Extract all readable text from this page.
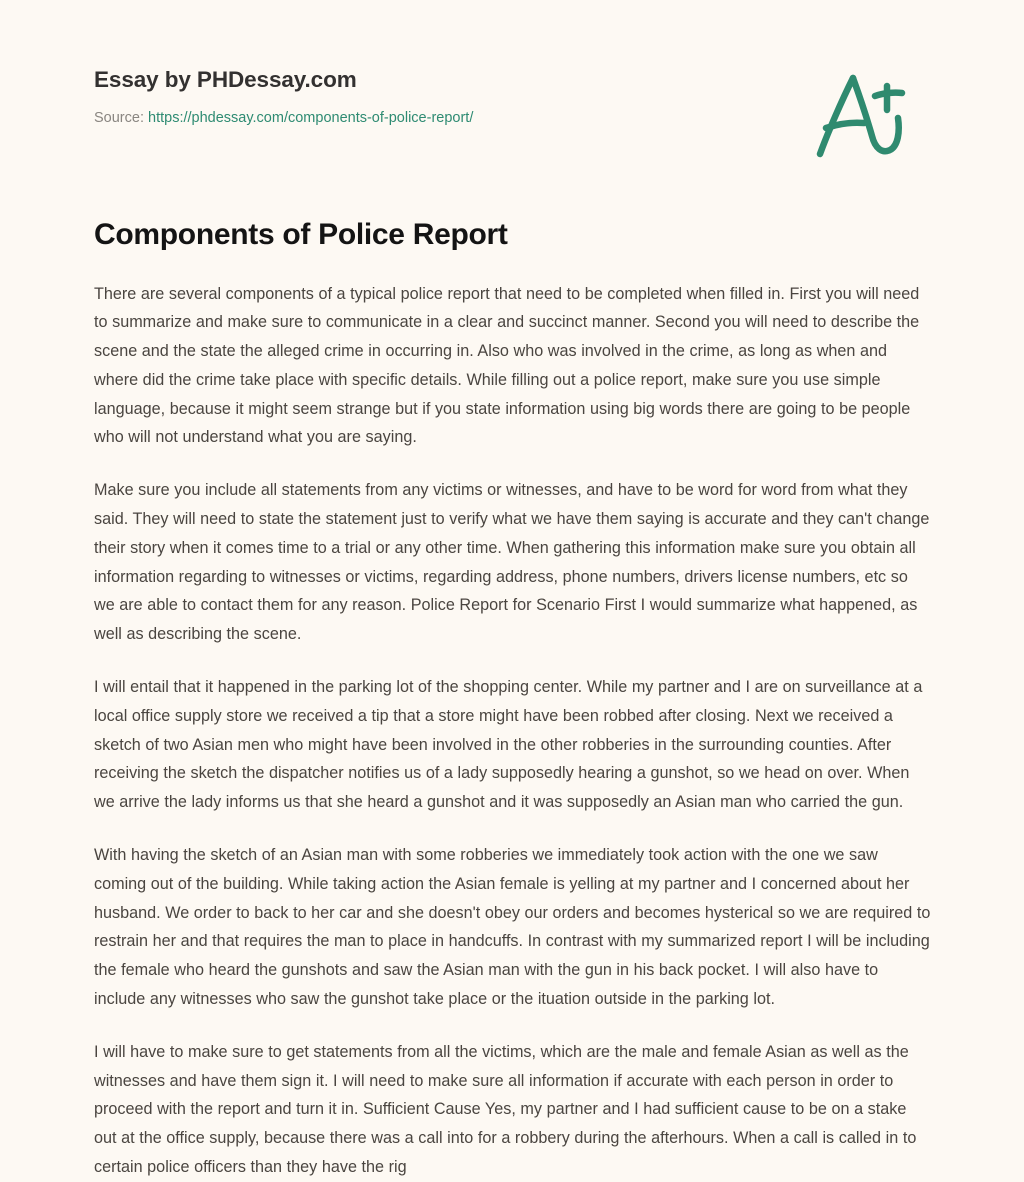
Essay by PHDessay.com
Source: https://phdessay.com/components-of-police-report/
Components of Police Report

There are several components of a typical police report that need to be completed when filled in. First you will need to summarize and make sure to communicate in a clear and succinct manner. Second you will need to describe the scene and the state the alleged crime in occurring in. Also who was involved in the crime, as long as when and where did the crime take place with specific details. While filling out a police report, make sure you use simple language, because it might seem strange but if you state information using big words there are going to be people who will not understand what you are saying.

Make sure you include all statements from any victims or witnesses, and have to be word for word from what they said. They will need to state the statement just to verify what we have them saying is accurate and they can't change their story when it comes time to a trial or any other time. When gathering this information make sure you obtain all information regarding to witnesses or victims, regarding address, phone numbers, drivers license numbers, etc so we are able to contact them for any reason. Police Report for Scenario First I would summarize what happened, as well as describing the scene.

I will entail that it happened in the parking lot of the shopping center. While my partner and I are on surveillance at a local office supply store we received a tip that a store might have been robbed after closing. Next we received a sketch of two Asian men who might have been involved in the other robberies in the surrounding counties. After receiving the sketch the dispatcher notifies us of a lady supposedly hearing a gunshot, so we head on over. When we arrive the lady informs us that she heard a gunshot and it was supposedly an Asian man who carried the gun.

With having the sketch of an Asian man with some robberies we immediately took action with the one we saw coming out of the building. While taking action the Asian female is yelling at my partner and I concerned about her husband. We order to back to her car and she doesn't obey our orders and becomes hysterical so we are required to restrain her and that requires the man to place in handcuffs. In contrast with my summarized report I will be including the female who heard the gunshots and saw the Asian man with the gun in his back pocket. I will also have to include any witnesses who saw the gunshot take place or the ituation outside in the parking lot.

I will have to make sure to get statements from all the victims, which are the male and female Asian as well as the witnesses and have them sign it. I will need to make sure all information if accurate with each person in order to proceed with the report and turn it in. Sufficient Cause Yes, my partner and I had sufficient cause to be on a stake out at the office supply, because there was a call into for a robbery during the afterhours. When a call is called in to certain police officers than they have the rig
